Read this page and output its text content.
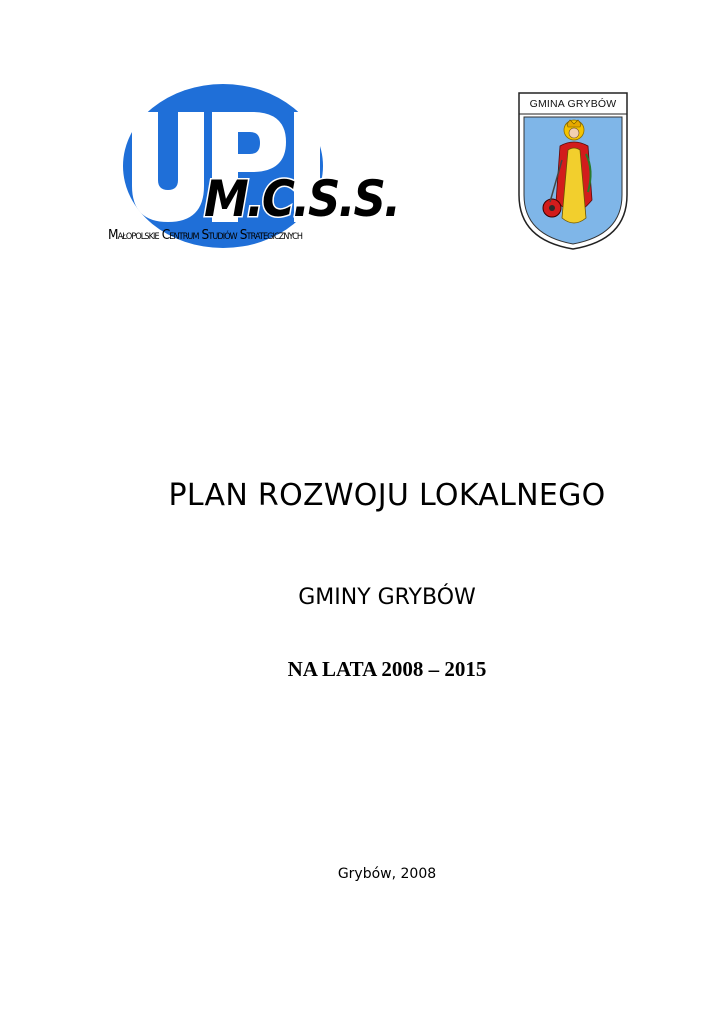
M.C.S.S.
Małopolskie Centrum Studiów Strategicznych
GMINA GRYBÓW
PLAN ROZWOJU LOKALNEGO
GMINY GRYBÓW
NA LATA 2008 – 2015
Grybów, 2008
